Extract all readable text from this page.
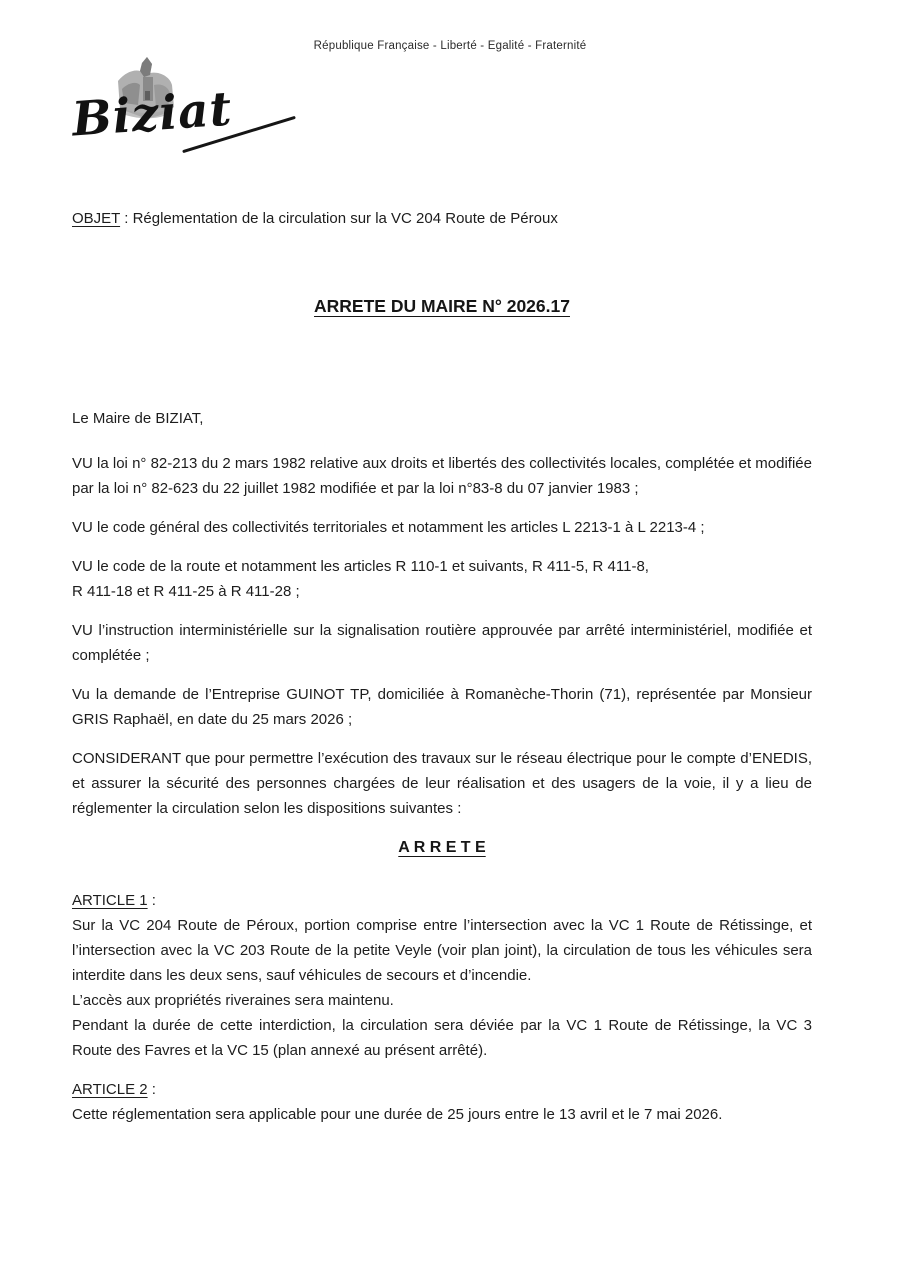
République Française - Liberté - Egalité - Fraternité
Biziat

OBJET : Réglementation de la circulation sur la VC 204 Route de Péroux

ARRETE DU MAIRE N° 2026.17

Le Maire de BIZIAT,

VU la loi n° 82-213 du 2 mars 1982 relative aux droits et libertés des collectivités locales, complétée et modifiée par la loi n° 82-623 du 22 juillet 1982 modifiée et par la loi n°83-8 du 07 janvier 1983 ;

VU le code général des collectivités territoriales et notamment les articles L 2213-1 à L 2213-4 ;

VU le code de la route et notamment les articles R 110-1 et suivants, R 411-5, R 411-8,
R 411-18 et R 411-25 à R 411-28 ;

VU l’instruction interministérielle sur la signalisation routière approuvée par arrêté interministériel, modifiée et complétée ;

Vu la demande de l’Entreprise GUINOT TP, domiciliée à Romanèche-Thorin (71), représentée par Monsieur GRIS Raphaël, en date du 25 mars 2026 ;

CONSIDERANT que pour permettre l’exécution des travaux sur le réseau électrique pour le compte d’ENEDIS, et assurer la sécurité des personnes chargées de leur réalisation et des usagers de la voie, il y a lieu de réglementer la circulation selon les dispositions suivantes :

A R R E T E

ARTICLE 1 :

Sur la VC 204 Route de Péroux, portion comprise entre l’intersection avec la VC 1 Route de Rétissinge, et l’intersection avec la VC 203 Route de la petite Veyle (voir plan joint), la circulation de tous les véhicules sera interdite dans les deux sens, sauf véhicules de secours et d’incendie.
L’accès aux propriétés riveraines sera maintenu.
Pendant la durée de cette interdiction, la circulation sera déviée par la VC 1 Route de Rétissinge, la VC 3 Route des Favres et la VC 15 (plan annexé au présent arrêté).

ARTICLE 2 :

Cette réglementation sera applicable pour une durée de 25 jours entre le 13 avril et le 7 mai 2026.
